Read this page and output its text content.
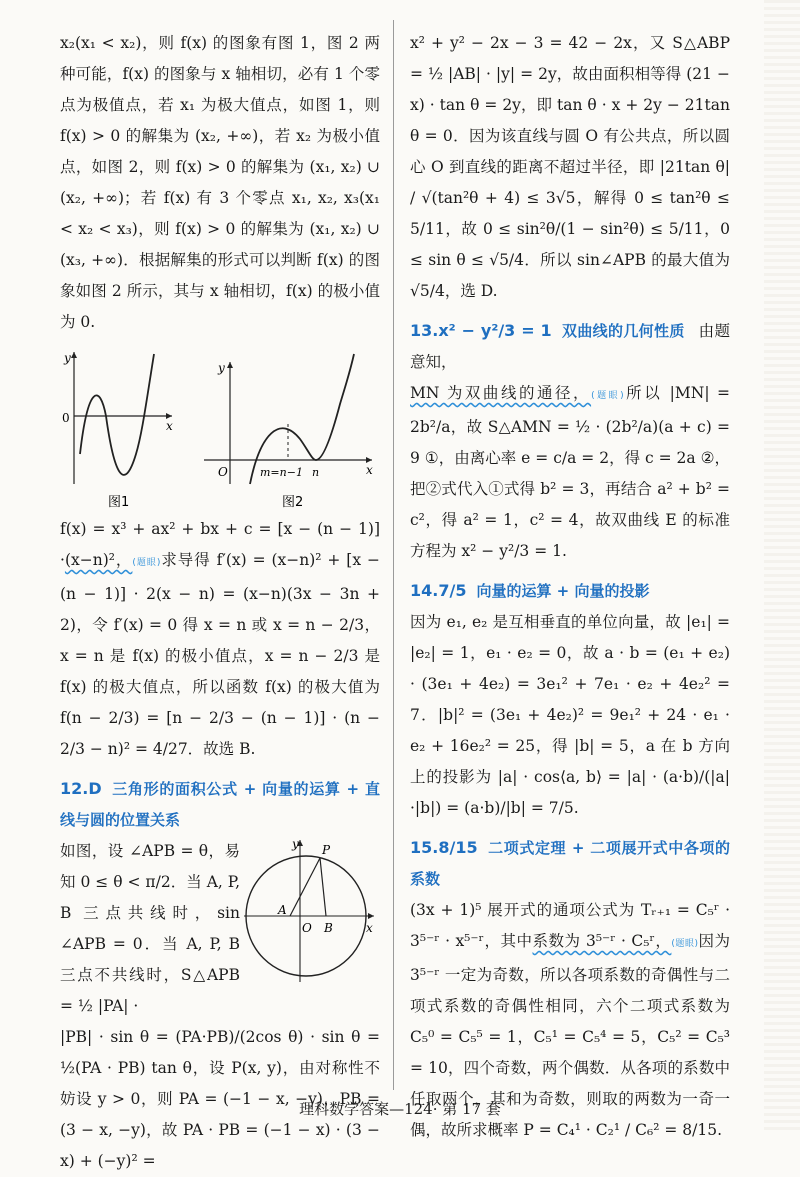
x₂(x₁ < x₂)，则 f(x) 的图象有图 1，图 2 两种可能，f(x) 的图象与 x 轴相切，必有 1 个零点为极值点，若 x₁ 为极大值点，如图 1，则 f(x) > 0 的解集为 (x₂, +∞)，若 x₂ 为极小值点，如图 2，则 f(x) > 0 的解集为 (x₁, x₂) ∪ (x₂, +∞)；若 f(x) 有 3 个零点 x₁, x₂, x₃(x₁ < x₂ < x₃)，则 f(x) > 0 的解集为 (x₁, x₂) ∪ (x₃, +∞)．根据解集的形式可以判断 f(x) 的图象如图 2 所示，其与 x 轴相切，f(x) 的极小值为 0.

y
x
0
图1
y
x
O	m=n−1 n
图2

f(x) = x³ + ax² + bx + c = [x − (n − 1)] ·(x−n)²，(题眼)求导得 f′(x) = (x−n)² + [x − (n − 1)] · 2(x − n) = (x−n)(3x − 3n + 2)，令 f′(x) = 0 得 x = n 或 x = n − 2/3，x = n 是 f(x) 的极小值点，x = n − 2/3 是 f(x) 的极大值点，所以函数 f(x) 的极大值为 f(n − 2/3) = [n − 2/3 − (n − 1)] · (n − 2/3 − n)² = 4/27．故选 B.

12.D 三角形的面积公式 + 向量的运算 + 直线与圆的位置关系

y
x
P
A
O B

如图，设 ∠APB = θ，易知 0 ≤ θ < π/2．当 A, P, B 三点共线时，sin ∠APB = 0．当 A, P, B 三点不共线时，S△APB = ½ |PA| ·

|PB| · sin θ = (PA·PB)/(2cos θ) · sin θ = ½(PA · PB) tan θ，设 P(x, y)，由对称性不妨设 y > 0，则 PA = (−1 − x, −y)，PB = (3 − x, −y)，故 PA · PB = (−1 − x) · (3 − x) + (−y)² =

x² + y² − 2x − 3 = 42 − 2x，又 S△ABP = ½ |AB| · |y| = 2y，故由面积相等得 (21 − x) · tan θ = 2y，即 tan θ · x + 2y − 21tan θ = 0．因为该直线与圆 O 有公共点，所以圆心 O 到直线的距离不超过半径，即 |21tan θ| / √(tan²θ + 4) ≤ 3√5，解得 0 ≤ tan²θ ≤ 5/11，故 0 ≤ sin²θ/(1 − sin²θ) ≤ 5/11，0 ≤ sin θ ≤ √5/4．所以 sin∠APB 的最大值为 √5/4，选 D.

13.x² − y²/3 = 1 双曲线的几何性质 由题意知，

MN 为双曲线的通径，(题眼)所以 |MN| = 2b²/a，故 S△AMN = ½ · (2b²/a)(a + c) = 9 ①，由离心率 e = c/a = 2，得 c = 2a ②，把②式代入①式得 b² = 3，再结合 a² + b² = c²，得 a² = 1，c² = 4，故双曲线 E 的标准方程为 x² − y²/3 = 1.

14.7/5 向量的运算 + 向量的投影

因为 e₁, e₂ 是互相垂直的单位向量，故 |e₁| = |e₂| = 1，e₁ · e₂ = 0，故 a · b = (e₁ + e₂) · (3e₁ + 4e₂) = 3e₁² + 7e₁ · e₂ + 4e₂² = 7．|b|² = (3e₁ + 4e₂)² = 9e₁² + 24 · e₁ · e₂ + 16e₂² = 25，得 |b| = 5，a 在 b 方向上的投影为 |a| · cos⟨a, b⟩ = |a| · (a·b)/(|a|·|b|) = (a·b)/|b| = 7/5.

15.8/15 二项式定理 + 二项展开式中各项的系数

(3x + 1)⁵ 展开式的通项公式为 Tᵣ₊₁ = C₅ʳ · 3⁵⁻ʳ · x⁵⁻ʳ，其中系数为 3⁵⁻ʳ · C₅ʳ，(题眼)因为 3⁵⁻ʳ 一定为奇数，所以各项系数的奇偶性与二项式系数的奇偶性相同，六个二项式系数为 C₅⁰ = C₅⁵ = 1，C₅¹ = C₅⁴ = 5，C₅² = C₅³ = 10，四个奇数，两个偶数．从各项的系数中任取两个，其和为奇数，则取的两数为一奇一偶，故所求概率 P = C₄¹ · C₂¹ / C₆² = 8/15.

理科数学答案—124· 第 17 套
